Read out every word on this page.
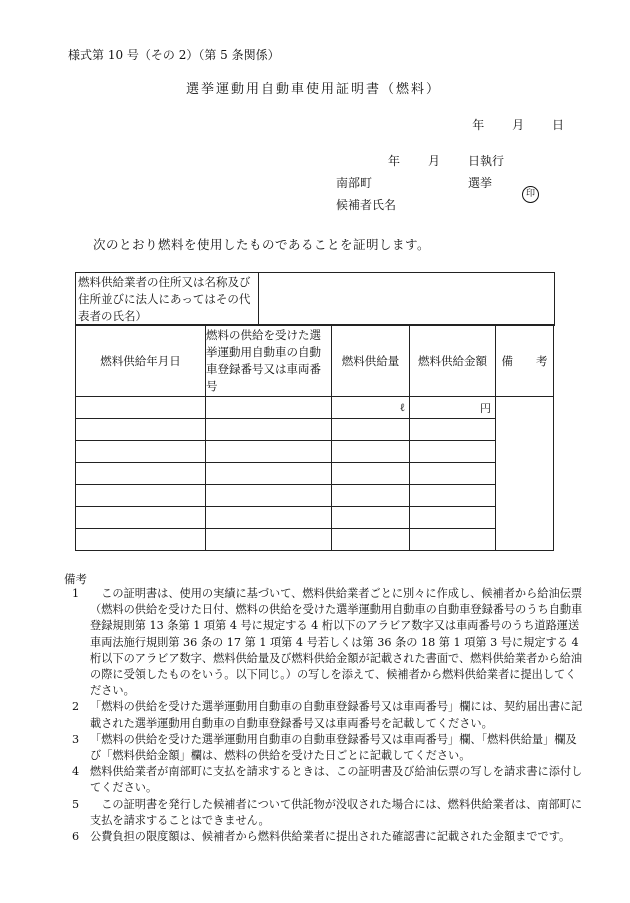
様式第 10 号（その 2）（第 5 条関係）
選挙運動用自動車使用証明書（燃料）
年 月 日
年 月 日執行
南部町	選挙
候補者氏名
印
次のとおり燃料を使用したものであることを証明します。
燃料供給業者の住所又は名称及び住所並びに法人にあってはその代表者の氏名）
燃料供給年月日	燃料の供給を受けた選挙運動用自動車の自動車登録番号又は車両番号	燃料供給量	燃料供給金額	備　　考
		ℓ	円	

備考
1 　この証明書は、使用の実績に基づいて、燃料供給業者ごとに別々に作成し、候補者から給油伝票（燃料の供給を受けた日付、燃料の供給を受けた選挙運動用自動車の自動車登録番号のうち自動車登録規則第 13 条第 1 項第 4 号に規定する 4 桁以下のアラビア数字又は車両番号のうち道路運送車両法施行規則第 36 条の 17 第 1 項第 4 号若しくは第 36 条の 18 第 1 項第 3 号に規定する 4 桁以下のアラビア数字、燃料供給量及び燃料供給金額が記載された書面で、燃料供給業者から給油の際に受領したものをいう。以下同じ。）の写しを添えて、候補者から燃料供給業者に提出してください。
2 「燃料の供給を受けた選挙運動用自動車の自動車登録番号又は車両番号」欄には、契約届出書に記載された選挙運動用自動車の自動車登録番号又は車両番号を記載してください。
3 「燃料の供給を受けた選挙運動用自動車の自動車登録番号又は車両番号」欄、「燃料供給量」欄及び「燃料供給金額」欄は、燃料の供給を受けた日ごとに記載してください。
4 燃料供給業者が南部町に支払を請求するときは、この証明書及び給油伝票の写しを請求書に添付してください。
5 　この証明書を発行した候補者について供託物が没収された場合には、燃料供給業者は、南部町に支払を請求することはできません。
6 公費負担の限度額は、候補者から燃料供給業者に提出された確認書に記載された金額までです。
